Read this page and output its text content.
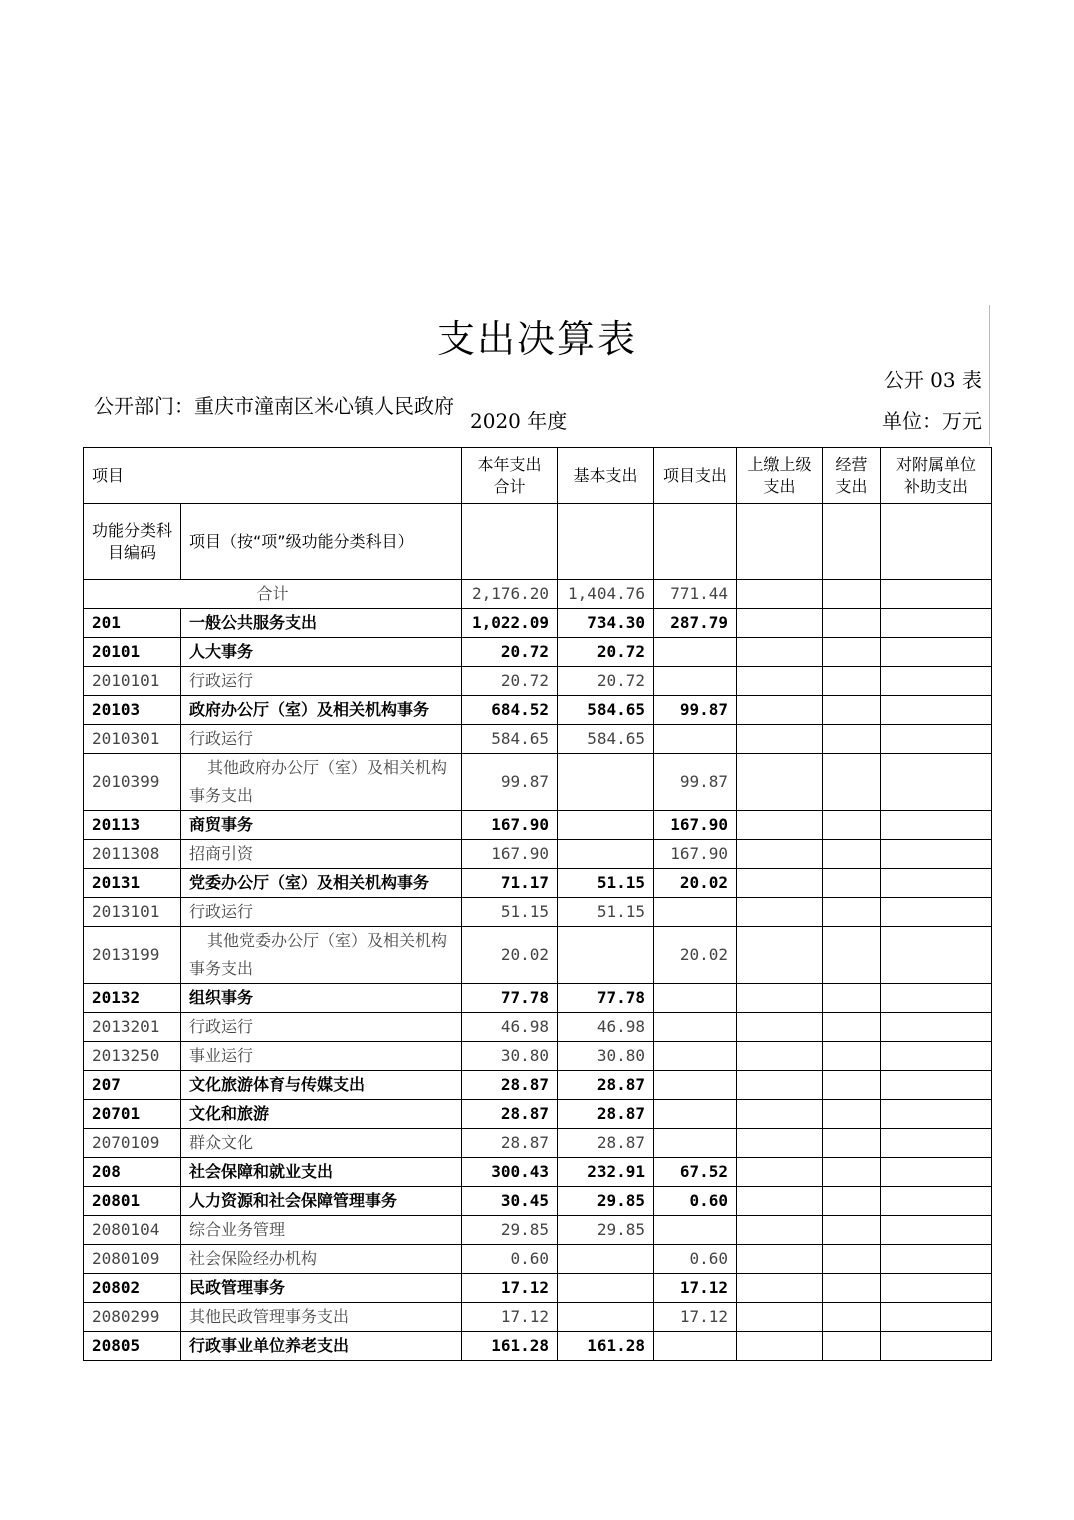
支出决算表
公开 03 表
公开部门：重庆市潼南区米心镇人民政府
2020 年度	单位：万元
项目		本年支出合计	基本支出	项目支出	上缴上级支出	经营支出	对附属单位补助支出
功能分类科目编码	项目（按“项”级功能分类科目）						
合计		2,176.20	1,404.76	771.44			
201	一般公共服务支出	1,022.09	734.30	287.79			
20101	人大事务	20.72	20.72				
2010101	行政运行	20.72	20.72				
20103	政府办公厅（室）及相关机构事务	684.52	584.65	99.87			
2010301	行政运行	584.65	584.65				
2010399	其他政府办公厅（室）及相关机构事务支出	99.87		99.87			
20113	商贸事务	167.90		167.90			
2011308	招商引资	167.90		167.90			
20131	党委办公厅（室）及相关机构事务	71.17	51.15	20.02			
2013101	行政运行	51.15	51.15				
2013199	其他党委办公厅（室）及相关机构事务支出	20.02		20.02			
20132	组织事务	77.78	77.78				
2013201	行政运行	46.98	46.98				
2013250	事业运行	30.80	30.80				
207	文化旅游体育与传媒支出	28.87	28.87				
20701	文化和旅游	28.87	28.87				
2070109	群众文化	28.87	28.87				
208	社会保障和就业支出	300.43	232.91	67.52			
20801	人力资源和社会保障管理事务	30.45	29.85	0.60			
2080104	综合业务管理	29.85	29.85				
2080109	社会保险经办机构	0.60		0.60			
20802	民政管理事务	17.12		17.12			
2080299	其他民政管理事务支出	17.12		17.12			
20805	行政事业单位养老支出	161.28	161.28				
